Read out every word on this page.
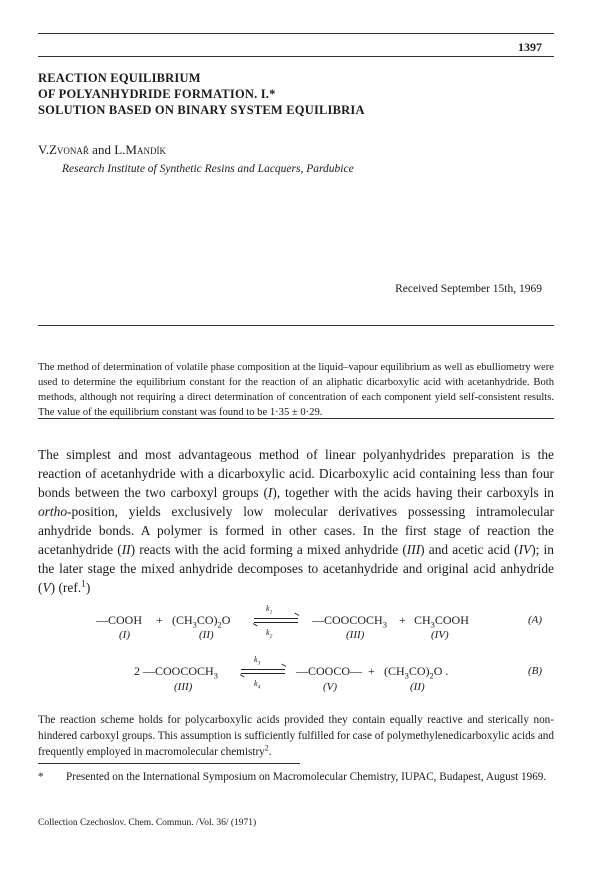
1397
REACTION EQUILIBRIUM
OF POLYANHYDRIDE FORMATION. I.*
SOLUTION BASED ON BINARY SYSTEM EQUILIBRIA
V.Zvonař and L.Mandík
Research Institute of Synthetic Resins and Lacquers, Pardubice
Received September 15th, 1969
The method of determination of volatile phase composition at the liquid–vapour equilibrium as well as ebulliometry were used to determine the equilibrium constant for the reaction of an aliphatic dicarboxylic acid with acetanhydride. Both methods, although not requiring a direct determination of concentration of each component yield self-consistent results. The value of the equilibrium constant was found to be 1·35 ± 0·29.
The simplest and most advantageous method of linear polyanhydrides preparation is the reaction of acetanhydride with a dicarboxylic acid. Dicarboxylic acid containing less than four bonds between the two carboxyl groups (I), together with the acids having their carboxyls in ortho-position, yields exclusively low molecular derivatives possessing intramolecular anhydride bonds. A polymer is formed in other cases. In the first stage of reaction the acetanhydride (II) reacts with the acid forming a mixed anhydride (III) and acetic acid (IV); in the later stage the mixed anhydride decomposes to acetanhydride and original acid anhydride (V) (ref.$^1$)
—COOH + $(CH_3CO)_2O$
$k_1$
$k_2$
$—COOCOCH_3$ + $CH_3COOH$	(A)
(I)	(II)	(III)	(IV)
2 $—COOCOCH_3$
$k_3$
$k_4$
—COOCO— + $(CH_3CO)_2O$ .	(B)
(III)	(V)	(II)
The reaction scheme holds for polycarboxylic acids provided they contain equally reactive and sterically non-hindered carboxyl groups. This assumption is sufficiently fulfilled for case of polymethylenedicarboxylic acids and frequently employed in macromolecular chemistry$^2$.
* Presented on the International Symposium on Macromolecular Chemistry, IUPAC, Budapest, August 1969.
Collection Czechoslov. Chem. Commun. /Vol. 36/ (1971)
